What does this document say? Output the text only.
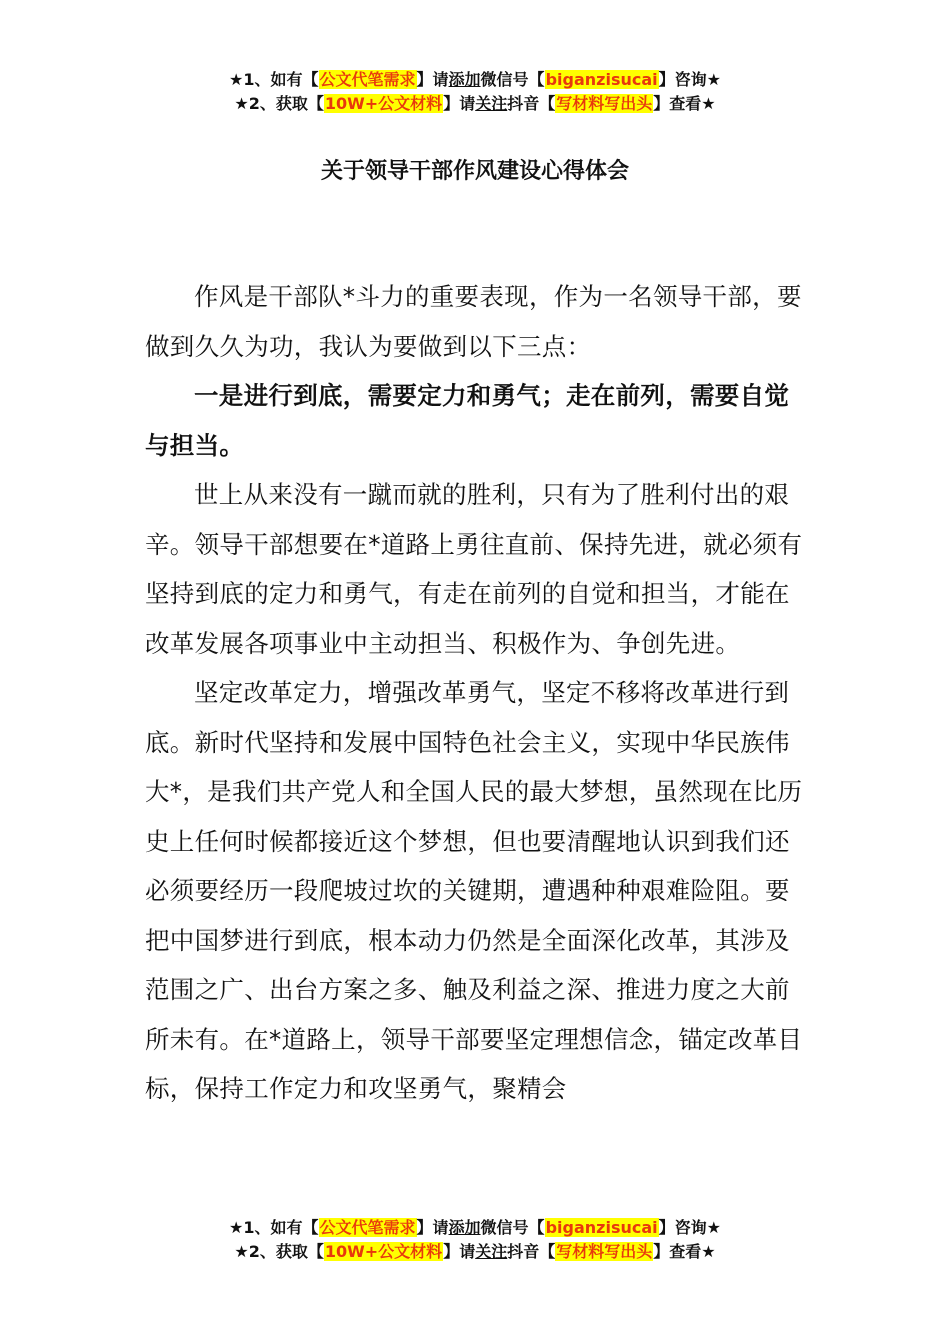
★1、如有【公文代笔需求】请添加微信号【biganzisucai】咨询★
★2、获取【10W+公文材料】请关注抖音【写材料写出头】查看★
关于领导干部作风建设心得体会

作风是干部队*斗力的重要表现，作为一名领导干部，要做到久久为功，我认为要做到以下三点：

一是进行到底，需要定力和勇气；走在前列，需要自觉与担当。

世上从来没有一蹴而就的胜利，只有为了胜利付出的艰辛。领导干部想要在*道路上勇往直前、保持先进，就必须有坚持到底的定力和勇气，有走在前列的自觉和担当，才能在改革发展各项事业中主动担当、积极作为、争创先进。

坚定改革定力，增强改革勇气，坚定不移将改革进行到底。新时代坚持和发展中国特色社会主义，实现中华民族伟大*，是我们共产党人和全国人民的最大梦想，虽然现在比历史上任何时候都接近这个梦想，但也要清醒地认识到我们还必须要经历一段爬坡过坎的关键期，遭遇种种艰难险阻。要把中国梦进行到底，根本动力仍然是全面深化改革，其涉及范围之广、出台方案之多、触及利益之深、推进力度之大前所未有。在*道路上，领导干部要坚定理想信念，锚定改革目标，保持工作定力和攻坚勇气，聚精会

★1、如有【公文代笔需求】请添加微信号【biganzisucai】咨询★
★2、获取【10W+公文材料】请关注抖音【写材料写出头】查看★
